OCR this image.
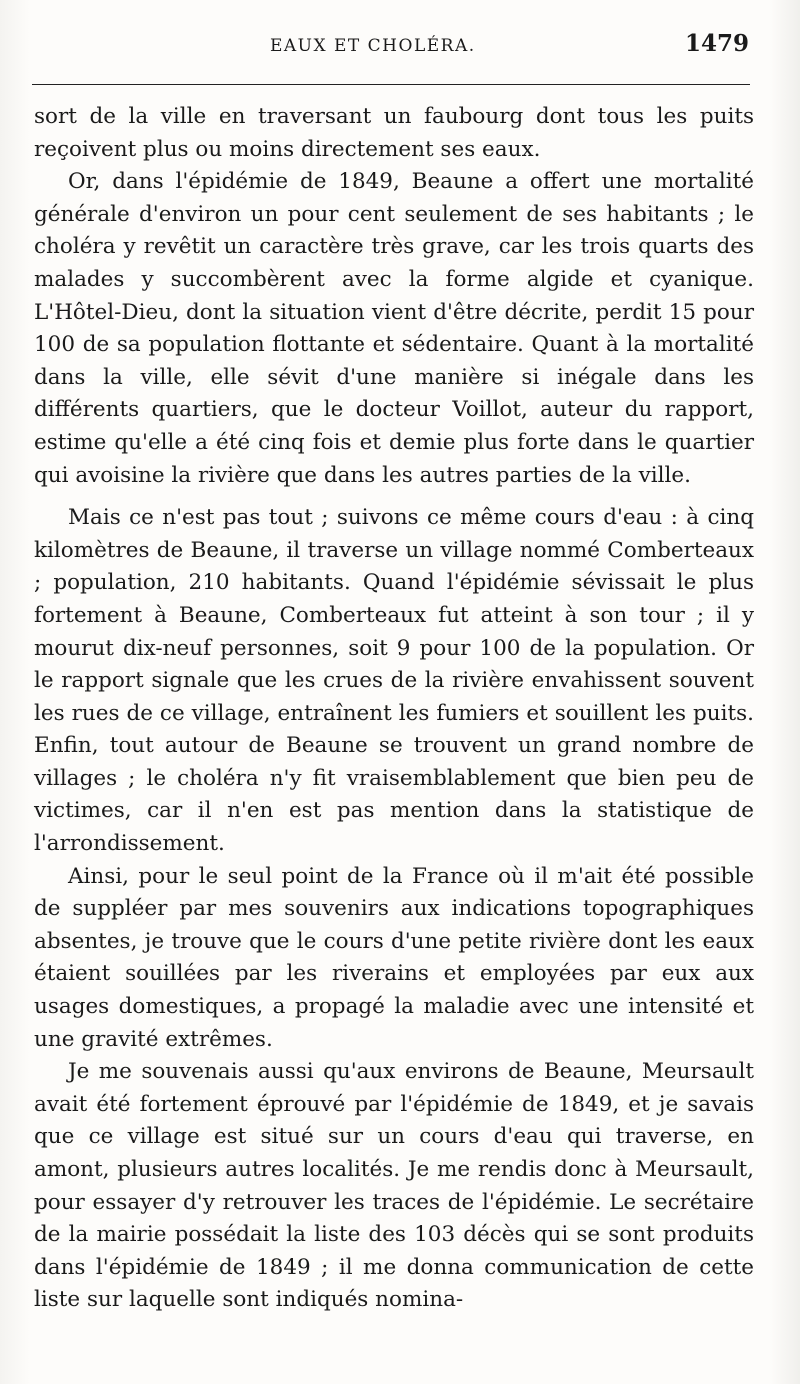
EAUX ET CHOLÉRA.	1479

sort de la ville en traversant un faubourg dont tous les puits reçoivent plus ou moins directement ses eaux.

Or, dans l'épidémie de 1849, Beaune a offert une mortalité générale d'environ un pour cent seulement de ses habitants ; le choléra y revêtit un caractère très grave, car les trois quarts des malades y succombèrent avec la forme algide et cyanique. L'Hôtel-Dieu, dont la situation vient d'être décrite, perdit 15 pour 100 de sa population flottante et sédentaire. Quant à la mortalité dans la ville, elle sévit d'une manière si inégale dans les différents quartiers, que le docteur Voillot, auteur du rapport, estime qu'elle a été cinq fois et demie plus forte dans le quartier qui avoisine la rivière que dans les autres parties de la ville.

Mais ce n'est pas tout ; suivons ce même cours d'eau : à cinq kilomètres de Beaune, il traverse un village nommé Comberteaux ; population, 210 habitants. Quand l'épidémie sévissait le plus fortement à Beaune, Comberteaux fut atteint à son tour ; il y mourut dix-neuf personnes, soit 9 pour 100 de la population. Or le rapport signale que les crues de la rivière envahissent souvent les rues de ce village, entraînent les fumiers et souillent les puits. Enfin, tout autour de Beaune se trouvent un grand nombre de villages ; le choléra n'y fit vraisemblablement que bien peu de victimes, car il n'en est pas mention dans la statistique de l'arrondissement.

Ainsi, pour le seul point de la France où il m'ait été possible de suppléer par mes souvenirs aux indications topographiques absentes, je trouve que le cours d'une petite rivière dont les eaux étaient souillées par les riverains et employées par eux aux usages domestiques, a propagé la maladie avec une intensité et une gravité extrêmes.

Je me souvenais aussi qu'aux environs de Beaune, Meursault avait été fortement éprouvé par l'épidémie de 1849, et je savais que ce village est situé sur un cours d'eau qui traverse, en amont, plusieurs autres localités. Je me rendis donc à Meursault, pour essayer d'y retrouver les traces de l'épidémie. Le secrétaire de la mairie possédait la liste des 103 décès qui se sont produits dans l'épidémie de 1849 ; il me donna communication de cette liste sur laquelle sont indiqués nomina-
